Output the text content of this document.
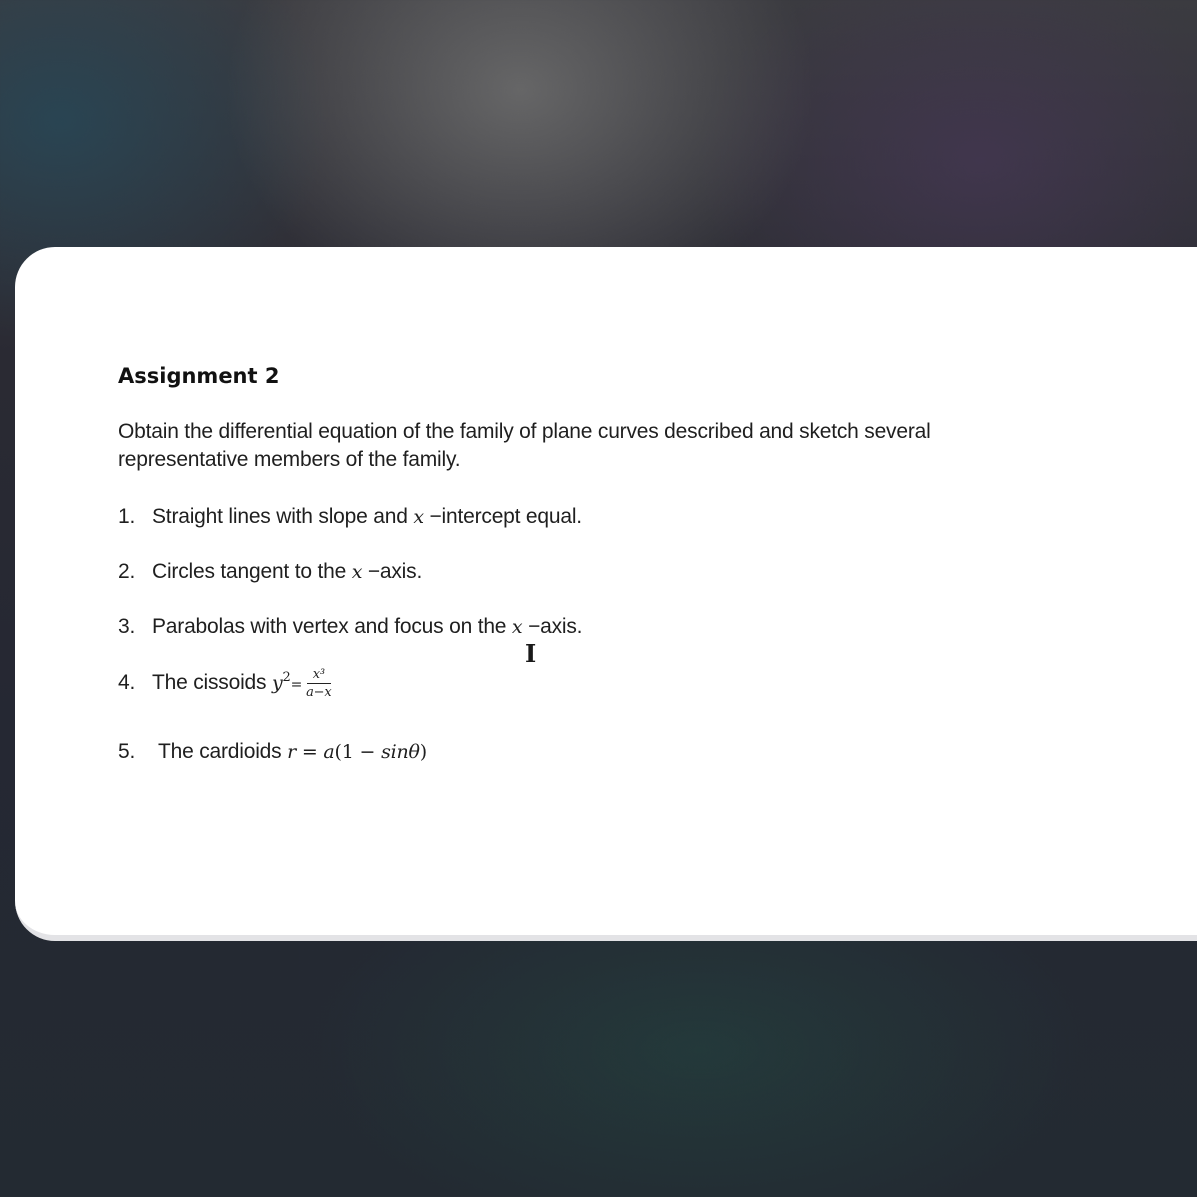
Assignment 2

Obtain the differential equation of the family of plane curves described and sketch several representative members of the family.

1. Straight lines with slope and x −intercept equal.
2. Circles tangent to the x −axis.
3. Parabolas with vertex and focus on the x −axis.
4. The cissoids $y^2= \frac{\text{x³}}{a-x}$
5. The cardioids r = a(1 − sinθ)
I
